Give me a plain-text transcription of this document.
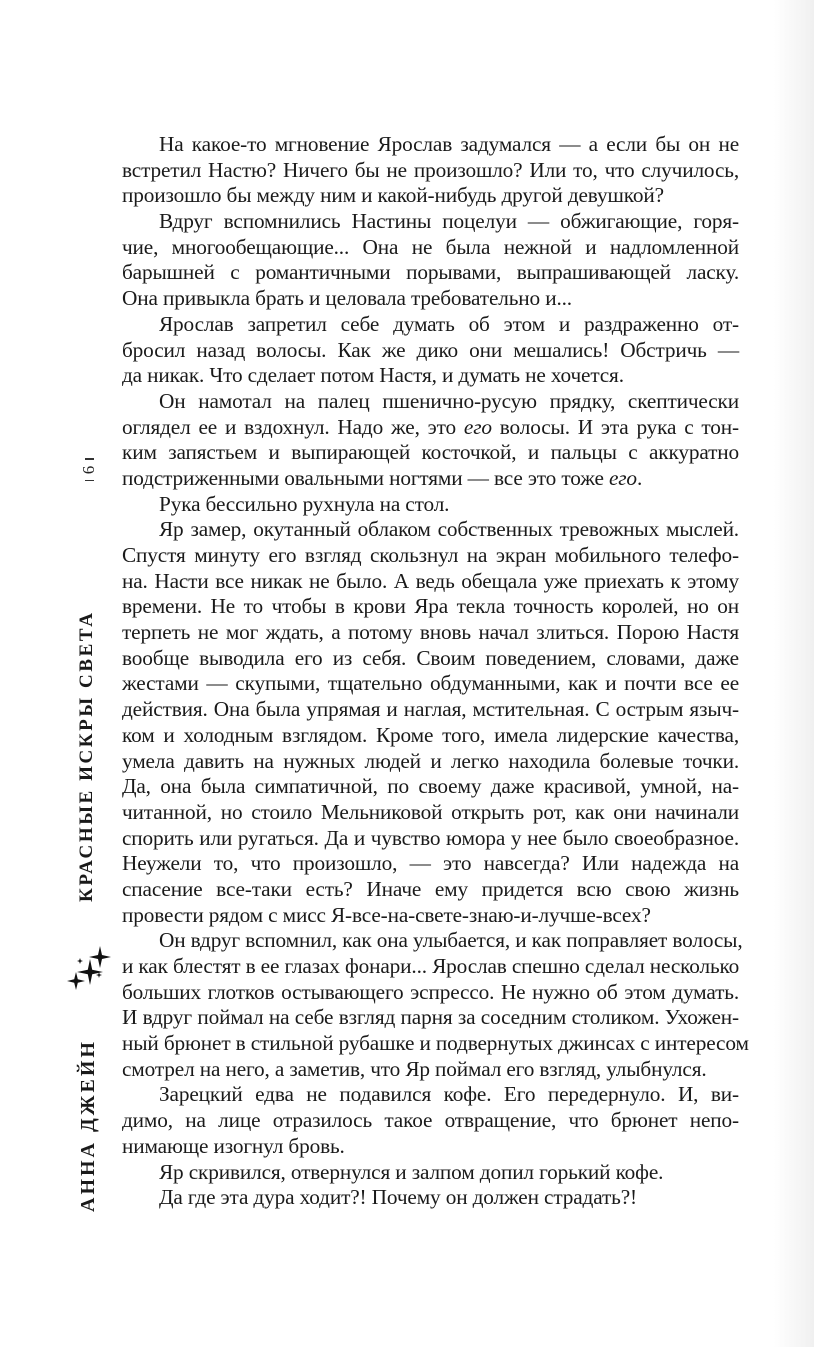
6
КРАСНЫЕ ИСКРЫ СВЕТА
АННА ДЖЕЙН
На какое-то мгновение Ярослав задумался — а если бы он не
встретил Настю? Ничего бы не произошло? Или то, что случилось,
произошло бы между ним и какой-нибудь другой девушкой?
Вдруг вспомнились Настины поцелуи — обжигающие, горя-
чие, многообещающие... Она не была нежной и надломленной
барышней с романтичными порывами, выпрашивающей ласку.
Она привыкла брать и целовала требовательно и...
Ярослав запретил себе думать об этом и раздраженно от-
бросил назад волосы. Как же дико они мешались! Обстричь —
да никак. Что сделает потом Настя, и думать не хочется.
Он намотал на палец пшенично-русую прядку, скептически
оглядел ее и вздохнул. Надо же, это его волосы. И эта рука с тон-
ким запястьем и выпирающей косточкой, и пальцы с аккуратно
подстриженными овальными ногтями — все это тоже его.
Рука бессильно рухнула на стол.
Яр замер, окутанный облаком собственных тревожных мыслей.
Спустя минуту его взгляд скользнул на экран мобильного телефо-
на. Насти все никак не было. А ведь обещала уже приехать к этому
времени. Не то чтобы в крови Яра текла точность королей, но он
терпеть не мог ждать, а потому вновь начал злиться. Порою Настя
вообще выводила его из себя. Своим поведением, словами, даже
жестами — скупыми, тщательно обдуманными, как и почти все ее
действия. Она была упрямая и наглая, мстительная. С острым языч-
ком и холодным взглядом. Кроме того, имела лидерские качества,
умела давить на нужных людей и легко находила болевые точки.
Да, она была симпатичной, по своему даже красивой, умной, на-
читанной, но стоило Мельниковой открыть рот, как они начинали
спорить или ругаться. Да и чувство юмора у нее было своеобразное.
Неужели то, что произошло, — это навсегда? Или надежда на
спасение все-таки есть? Иначе ему придется всю свою жизнь
провести рядом с мисс Я-все-на-свете-знаю-и-лучше-всех?
Он вдруг вспомнил, как она улыбается, и как поправляет волосы,
и как блестят в ее глазах фонари... Ярослав спешно сделал несколько
больших глотков остывающего эспрессо. Не нужно об этом думать.
И вдруг поймал на себе взгляд парня за соседним столиком. Ухожен-
ный брюнет в стильной рубашке и подвернутых джинсах с интересом
смотрел на него, а заметив, что Яр поймал его взгляд, улыбнулся.
Зарецкий едва не подавился кофе. Его передернуло. И, ви-
димо, на лице отразилось такое отвращение, что брюнет непо-
нимающе изогнул бровь.
Яр скривился, отвернулся и залпом допил горький кофе.
Да где эта дура ходит?! Почему он должен страдать?!
